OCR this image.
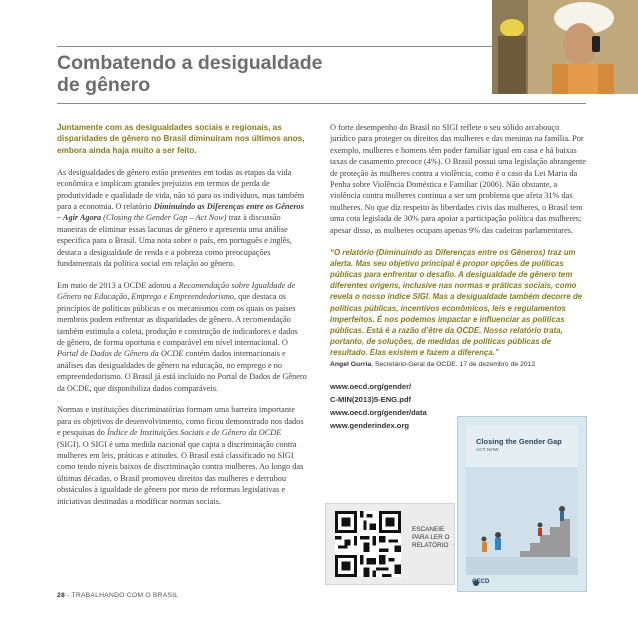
Combatendo a desigualdade
de gênero

Juntamente com as desigualdades sociais e regionais, as disparidades de gênero no Brasil diminuíram nos últimos anos, embora ainda haja muito a ser feito.

As desigualdades de gênero estão presentes em todas as etapas da vida econômica e implicam grandes prejuízos em termos de perda de produtividade e qualidade de vida, não só para os indivíduos, mas também para a economia. O relatório Diminuindo as Diferenças entre os Gêneros – Agir Agora (Closing the Gender Gap – Act Now) traz à discussão maneiras de eliminar essas lacunas de gênero e apresenta uma análise específica para o Brasil. Uma nota sobre o país, em português e inglês, destaca a desigualdade de renda e a pobreza como preocupações fundamentais da política social em relação ao gênero.

Em maio de 2013 a OCDE adotou a Recomendação sobre Igualdade de Gênero na Educação, Emprego e Empreendedorismo, que destaca os princípios de políticas públicas e os mecanismos com os quais os países membros podem enfrentar as disparidades de gênero. A recomendação também estimula a coleta, produção e construção de indicadores e dados de gênero, de forma oportuna e comparável em nível internacional. O Portal de Dados de Gênero da OCDE contém dados internacionais e análises das desigualdades de gênero na educação, no emprego e no empreendedorismo. O Brasil já está incluído no Portal de Dados de Gênero da OCDE, que disponibiliza dados comparáveis.

Normas e instituições discriminatórias formam uma barreira importante para os objetivos de desenvolvimento, como ficou demonstrado nos dados e pesquisas do Índice de Instituições Sociais e de Gênero da OCDE (SIGI). O SIGI é uma medida nacional que capta a discriminação contra mulheres em leis, práticas e atitudes. O Brasil está classificado no SIGI como tendo níveis baixos de discriminação contra mulheres. Ao longo das últimas décadas, o Brasil promoveu direitos das mulheres e derrubou obstáculos à igualdade de gênero por meio de reformas legislativas e iniciativas destinadas a modificar normas sociais.

O forte desempenho do Brasil no SIGI reflete o seu sólido arcabouço jurídico para proteger os direitos das mulheres e das meninas na família. Por exemplo, mulheres e homens têm poder familiar igual em casa e há baixas taxas de casamento precoce (4%). O Brasil possui uma legislação abrangente de proteção às mulheres contra a violência, como é o caso da Lei Maria da Penha sobre Violência Doméstica e Familiar (2006). Não obstante, a violência contra mulheres continua a ser um problema que afeta 31% das mulheres. No que diz respeito às liberdades civis das mulheres, o Brasil tem uma cota legislada de 30% para apoiar a participação política das mulheres; apesar disso, as mulheres ocupam apenas 9% das cadeiras parlamentares.

“O relatório (Diminuindo as Diferenças entre os Gêneros) traz um alerta. Mas seu objetivo principal é propor opções de políticas públicas para enfrentar o desafio. A desigualdade de gênero tem diferentes origens, inclusive nas normas e práticas sociais, como revela o nosso índice SIGI. Mas a desigualdade também decorre de políticas públicas, incentivos econômicos, leis e regulamentos imperfeitos. É nos podemos impactar e influenciar as políticas públicas. Está é a razão d’être da OCDE. Nosso relatório trata, portanto, de soluções, de medidas de políticas públicas de resultado. Elas existem e fazem a diferença.”

Angel Gurría, Secretário-Geral da OCDE. 17 de dezembro de 2012

www.oecd.org/gender/
C-MIN(2013)5-ENG.pdf
www.oecd.org/gender/data
www.genderindex.org

Closing the Gender Gap
ACT NOW
OECD
ESCANEIE
PARA LER O
RELATÓRIO
28 - TRABALHANDO COM O BRASIL
